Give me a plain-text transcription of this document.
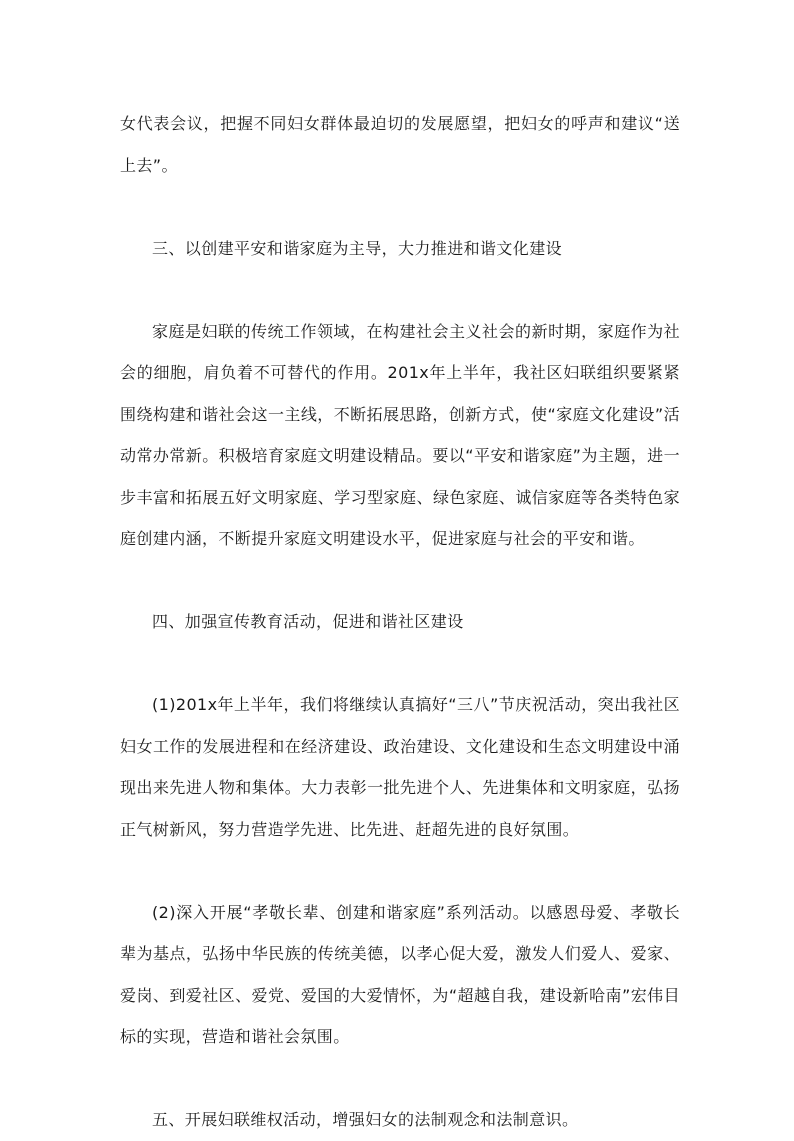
女代表会议，把握不同妇女群体最迫切的发展愿望，把妇女的呼声和建议“送上去”。

三、以创建平安和谐家庭为主导，大力推进和谐文化建设

家庭是妇联的传统工作领域，在构建社会主义社会的新时期，家庭作为社会的细胞，肩负着不可替代的作用。201x年上半年，我社区妇联组织要紧紧围绕构建和谐社会这一主线，不断拓展思路，创新方式，使“家庭文化建设”活动常办常新。积极培育家庭文明建设精品。要以“平安和谐家庭”为主题，进一步丰富和拓展五好文明家庭、学习型家庭、绿色家庭、诚信家庭等各类特色家庭创建内涵，不断提升家庭文明建设水平，促进家庭与社会的平安和谐。

四、加强宣传教育活动，促进和谐社区建设

(1)201x年上半年，我们将继续认真搞好“三八”节庆祝活动，突出我社区妇女工作的发展进程和在经济建设、政治建设、文化建设和生态文明建设中涌现出来先进人物和集体。大力表彰一批先进个人、先进集体和文明家庭，弘扬正气树新风，努力营造学先进、比先进、赶超先进的良好氛围。

(2)深入开展“孝敬长辈、创建和谐家庭”系列活动。以感恩母爱、孝敬长辈为基点，弘扬中华民族的传统美德，以孝心促大爱，激发人们爱人、爱家、爱岗、到爱社区、爱党、爱国的大爱情怀，为“超越自我，建设新哈南”宏伟目标的实现，营造和谐社会氛围。

五、开展妇联维权活动，增强妇女的法制观念和法制意识。
